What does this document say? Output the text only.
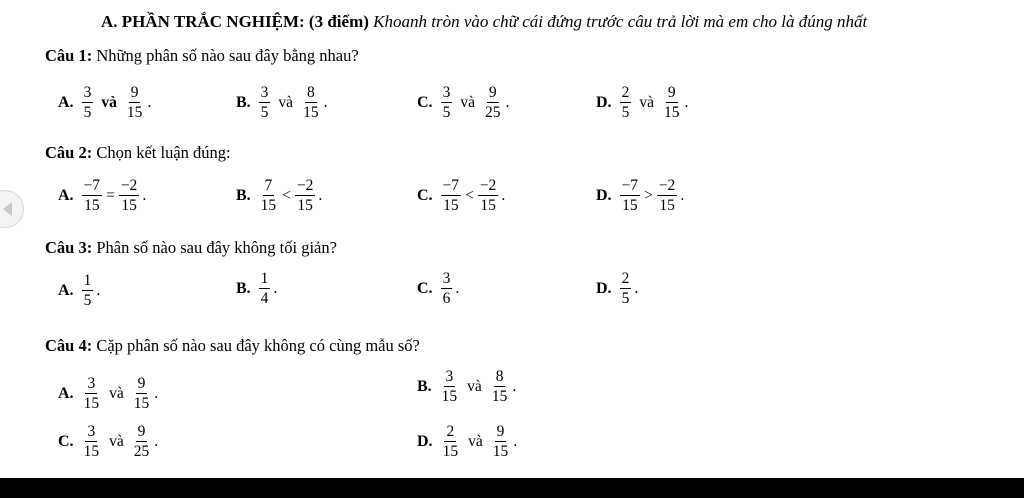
A. PHẦN TRẮC NGHIỆM: (3 điểm) Khoanh tròn vào chữ cái đứng trước câu trả lời mà em cho là đúng nhất
Câu 1: Những phân số nào sau đây bằng nhau?
A. $\frac{3}{5}$ và $\frac{9}{15}$ .	B. $\frac{3}{5}$ và $\frac{8}{15}$ .	C. $\frac{3}{5}$ và $\frac{9}{25}$ .	D. $\frac{2}{5}$ và $\frac{9}{15}$ .
Câu 2: Chọn kết luận đúng:
A. $\frac{-7}{15} = \frac{-2}{15}$ .	B. $\frac{7}{15} < \frac{-2}{15}$ .	C. $\frac{-7}{15} < \frac{-2}{15}$ .	D. $\frac{-7}{15} > \frac{-2}{15}$ .
Câu 3: Phân số nào sau đây không tối giản?
A. $\frac{1}{5}$ .	B. $\frac{1}{4}$ .	C. $\frac{3}{6}$ .	D. $\frac{2}{5}$ .
Câu 4: Cặp phân số nào sau đây không có cùng mẫu số?
A. $\frac{3}{15}$ và $\frac{9}{15}$ .	B. $\frac{3}{15}$ và $\frac{8}{15}$ .
C. $\frac{3}{15}$ và $\frac{9}{25}$ .	D. $\frac{2}{15}$ và $\frac{9}{15}$ .
